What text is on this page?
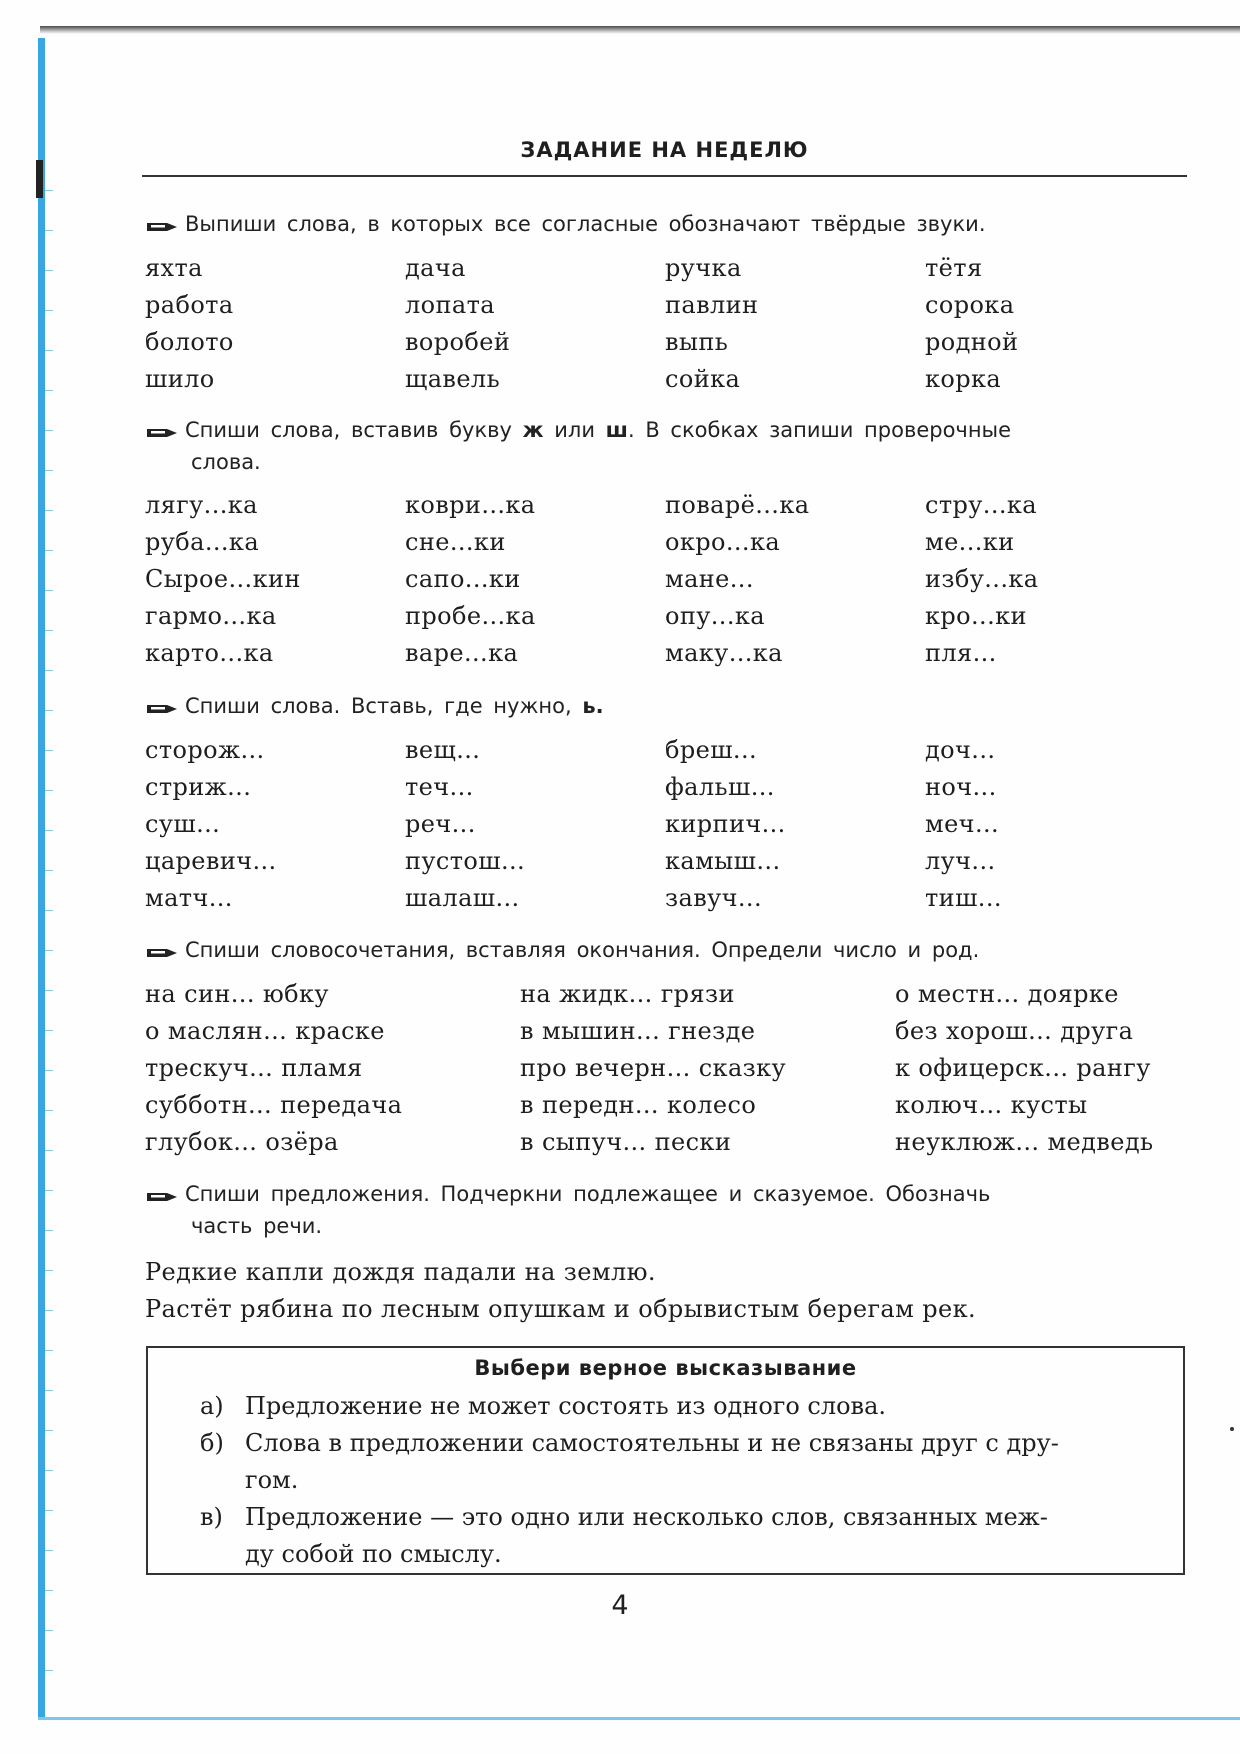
ЗАДАНИЕ НА НЕДЕЛЮ
Выпиши слова, в которых все согласные обозначают твёрдые звуки.
яхта	дача	ручка	тётя
работа	лопата	павлин	сорока
болото	воробей	выпь	родной
шило	щавель	сойка	корка
Спиши слова, вставив букву ж или ш. В скобках запиши проверочные
слова.
лягу...ка	коври...ка	поварё...ка	стру...ка
руба...ка	сне...ки	окро...ка	ме...ки
Сырое...кин	сапо...ки	мане...	избу...ка
гармо...ка	пробе...ка	опу...ка	кро...ки
карто...ка	варе...ка	маку...ка	пля...
Спиши слова. Вставь, где нужно, ь.
сторож...	вещ...	бреш...	доч...
стриж...	теч...	фальш...	ноч...
суш...	реч...	кирпич...	меч...
царевич...	пустош...	камыш...	луч...
матч...	шалаш...	завуч...	тиш...
Спиши словосочетания, вставляя окончания. Определи число и род.
на син... юбку	на жидк... грязи	о местн... доярке
о маслян... краске	в мышин... гнезде	без хорош... друга
трескуч... пламя	про вечерн... сказку	к офицерск... рангу
субботн... передача	в передн... колесо	колюч... кусты
глубок... озёра	в сыпуч... пески	неуклюж... медведь
Спиши предложения. Подчеркни подлежащее и сказуемое. Обозначь
часть речи.
Редкие капли дождя падали на землю.
Растёт рябина по лесным опушкам и обрывистым берегам рек.
Выбери верное высказывание
а) Предложение не может состоять из одного слова.
б) Слова в предложении самостоятельны и не связаны друг с дру-
гом.
в) Предложение — это одно или несколько слов, связанных меж-
ду собой по смыслу.
4
